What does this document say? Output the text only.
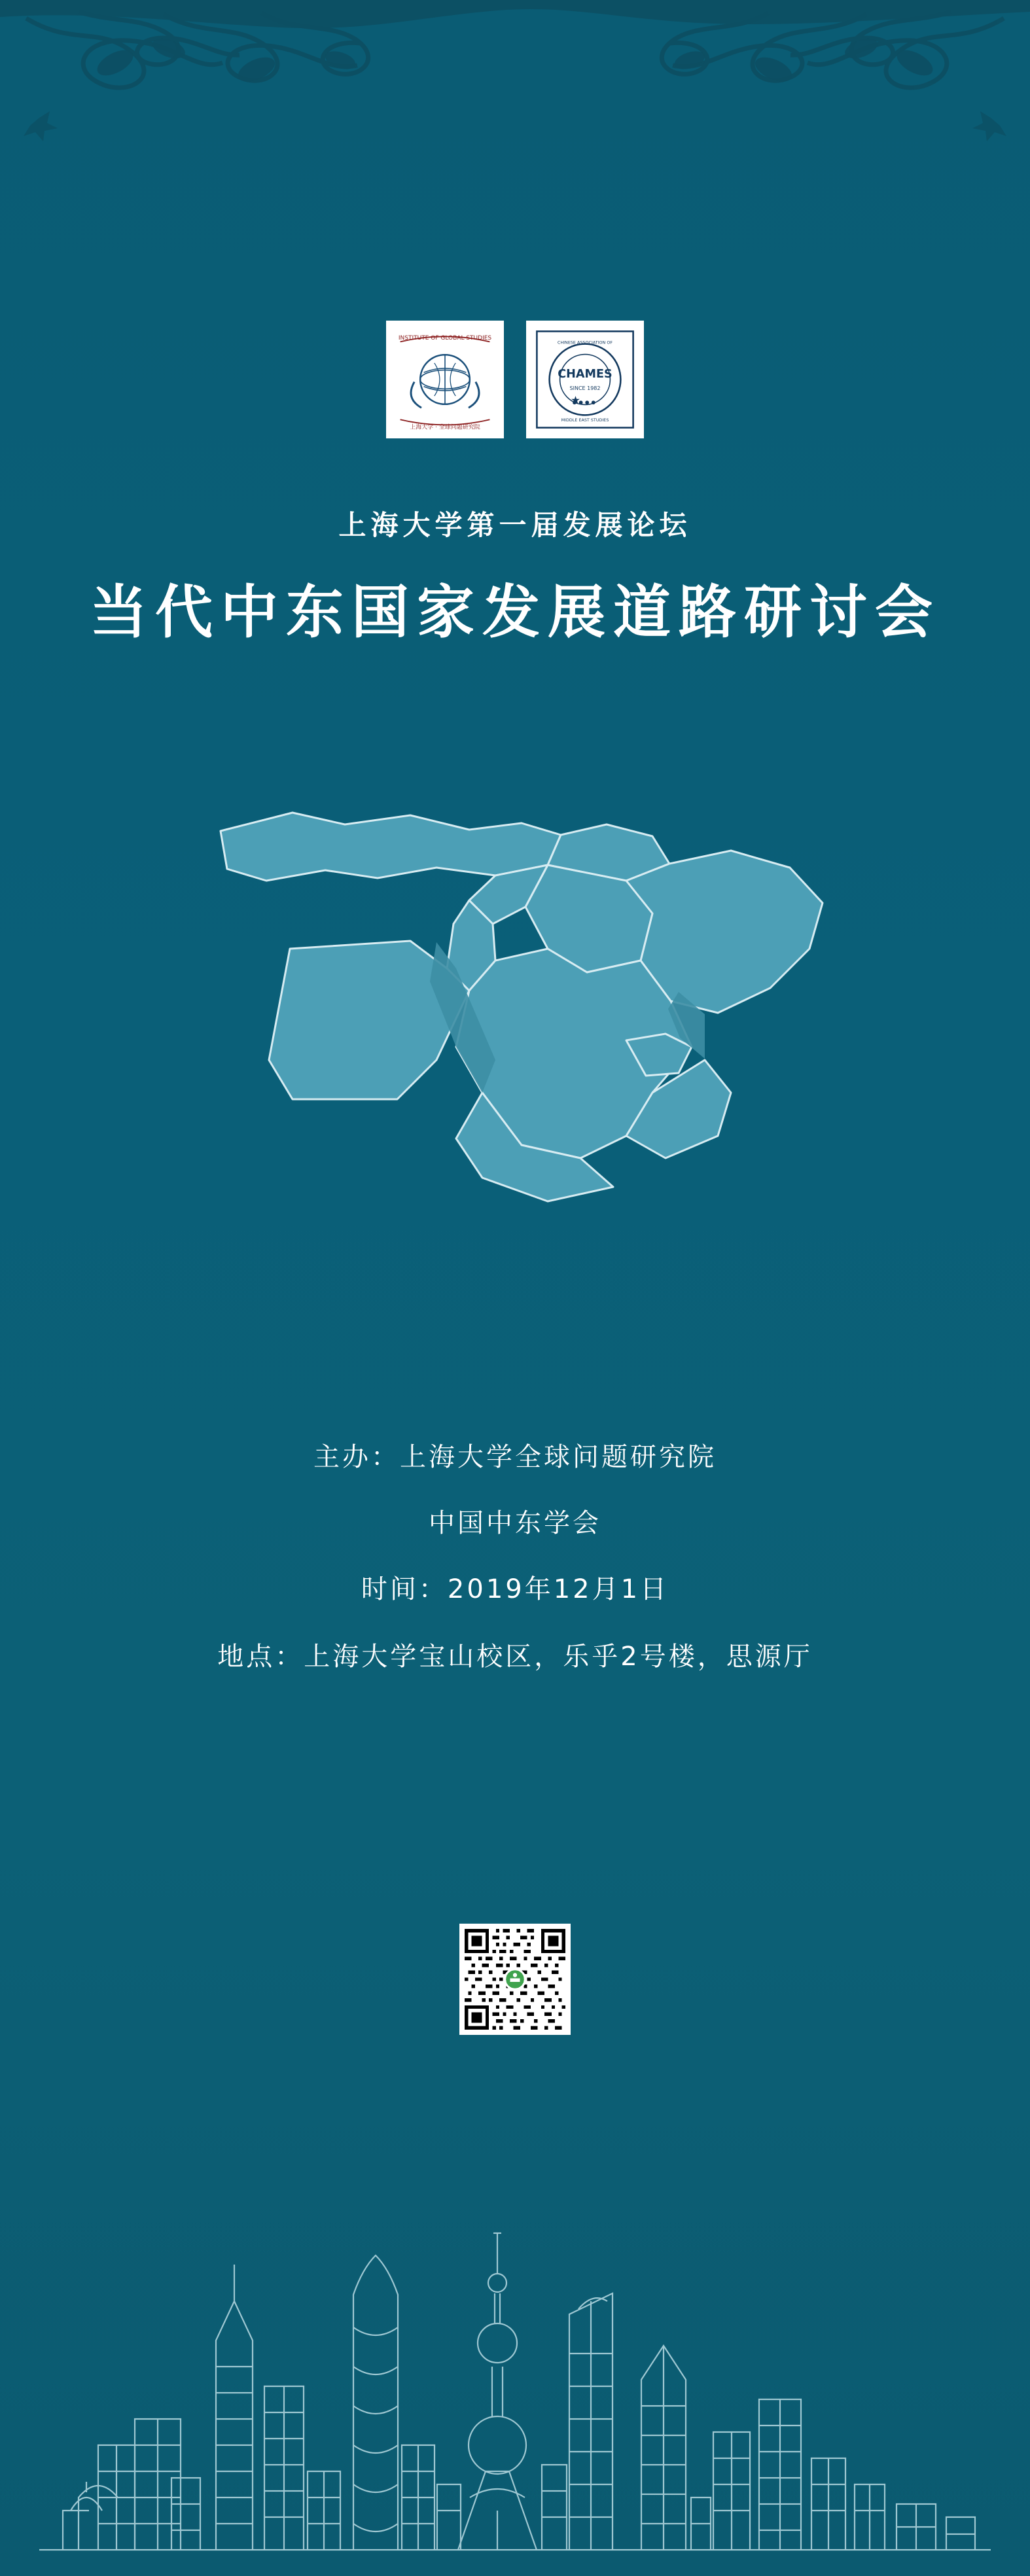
INSTITUTE OF GLOBAL STUDIES
上海大学 · 全球问题研究院
CHAMES
SINCE 1982
CHINESE ASSOCIATION OF
MIDDLE EAST STUDIES
上海大学第一届发展论坛
当代中东国家发展道路研讨会
主办：上海大学全球问题研究院
中国中东学会
时间：2019年12月1日
地点：上海大学宝山校区，乐乎2号楼，思源厅
